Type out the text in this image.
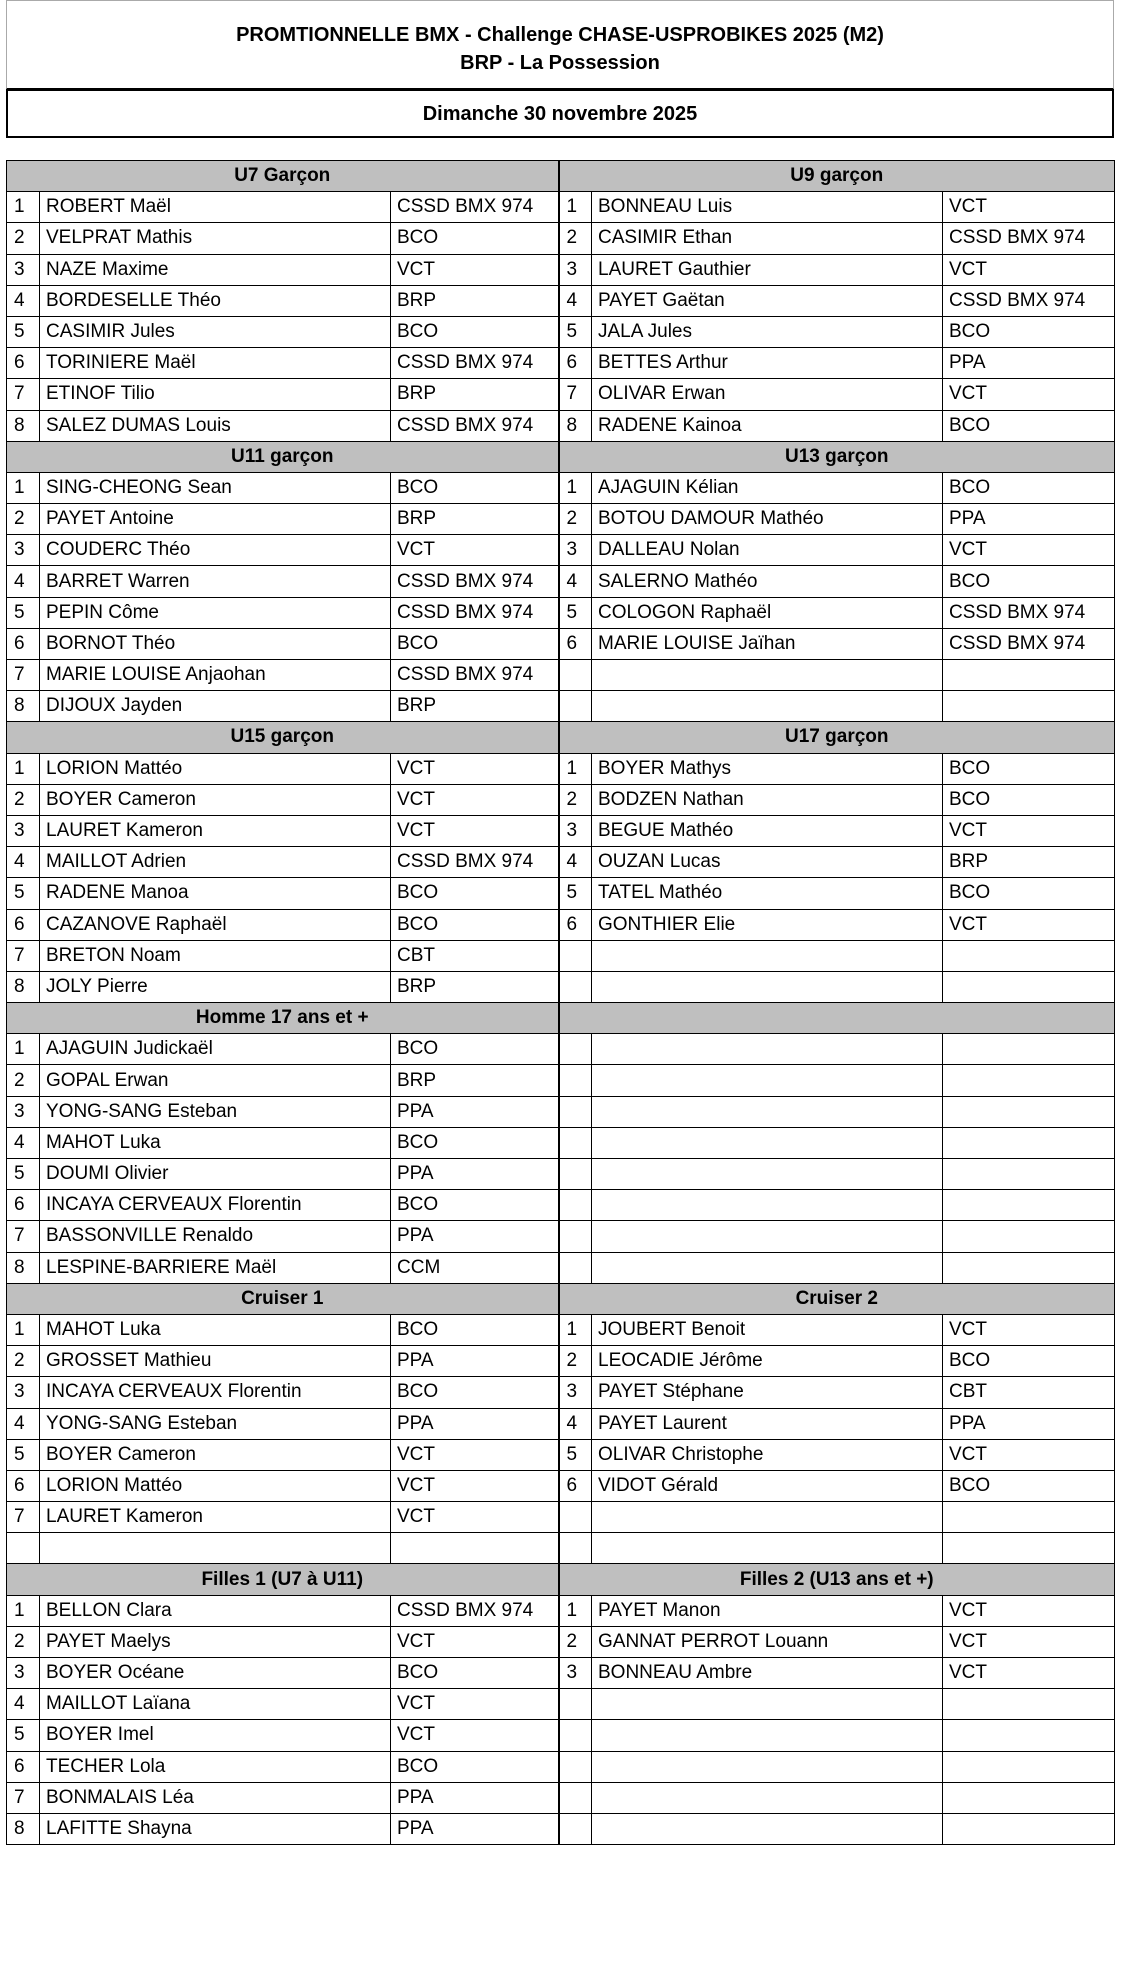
PROMTIONNELLE BMX - Challenge CHASE-USPROBIKES 2025 (M2)
BRP - La Possession
Dimanche 30 novembre 2025
U7 Garçon			U9 garçon		
1	ROBERT Maël	CSSD BMX 974	1	BONNEAU Luis	VCT
2	VELPRAT Mathis	BCO	2	CASIMIR Ethan	CSSD BMX 974
3	NAZE Maxime	VCT	3	LAURET Gauthier	VCT
4	BORDESELLE Théo	BRP	4	PAYET Gaëtan	CSSD BMX 974
5	CASIMIR Jules	BCO	5	JALA Jules	BCO
6	TORINIERE Maël	CSSD BMX 974	6	BETTES Arthur	PPA
7	ETINOF Tilio	BRP	7	OLIVAR Erwan	VCT
8	SALEZ DUMAS Louis	CSSD BMX 974	8	RADENE Kainoa	BCO
U11 garçon			U13 garçon		
1	SING-CHEONG Sean	BCO	1	AJAGUIN Kélian	BCO
2	PAYET Antoine	BRP	2	BOTOU DAMOUR Mathéo	PPA
3	COUDERC Théo	VCT	3	DALLEAU Nolan	VCT
4	BARRET Warren	CSSD BMX 974	4	SALERNO Mathéo	BCO
5	PEPIN Côme	CSSD BMX 974	5	COLOGON Raphaël	CSSD BMX 974
6	BORNOT Théo	BCO	6	MARIE LOUISE Jaïhan	CSSD BMX 974
7	MARIE LOUISE Anjaohan	CSSD BMX 974			
8	DIJOUX Jayden	BRP			
U15 garçon			U17 garçon		
1	LORION Mattéo	VCT	1	BOYER Mathys	BCO
2	BOYER Cameron	VCT	2	BODZEN Nathan	BCO
3	LAURET Kameron	VCT	3	BEGUE Mathéo	VCT
4	MAILLOT Adrien	CSSD BMX 974	4	OUZAN Lucas	BRP
5	RADENE Manoa	BCO	5	TATEL Mathéo	BCO
6	CAZANOVE Raphaël	BCO	6	GONTHIER Elie	VCT
7	BRETON Noam	CBT			
8	JOLY Pierre	BRP			
Homme 17 ans et +					
1	AJAGUIN Judickaël	BCO			
2	GOPAL Erwan	BRP			
3	YONG-SANG Esteban	PPA			
4	MAHOT Luka	BCO			
5	DOUMI Olivier	PPA			
6	INCAYA CERVEAUX Florentin	BCO			
7	BASSONVILLE Renaldo	PPA			
8	LESPINE-BARRIERE Maël	CCM			
Cruiser 1			Cruiser 2		
1	MAHOT Luka	BCO	1	JOUBERT Benoit	VCT
2	GROSSET Mathieu	PPA	2	LEOCADIE Jérôme	BCO
3	INCAYA CERVEAUX Florentin	BCO	3	PAYET Stéphane	CBT
4	YONG-SANG Esteban	PPA	4	PAYET Laurent	PPA
5	BOYER Cameron	VCT	5	OLIVAR Christophe	VCT
6	LORION Mattéo	VCT	6	VIDOT Gérald	BCO
7	LAURET Kameron	VCT			

Filles 1 (U7 à U11)			Filles 2 (U13 ans et +)		
1	BELLON Clara	CSSD BMX 974	1	PAYET Manon	VCT
2	PAYET Maelys	VCT	2	GANNAT PERROT Louann	VCT
3	BOYER Océane	BCO	3	BONNEAU Ambre	VCT
4	MAILLOT Laïana	VCT			
5	BOYER Imel	VCT			
6	TECHER Lola	BCO			
7	BONMALAIS Léa	PPA			
8	LAFITTE Shayna	PPA			
